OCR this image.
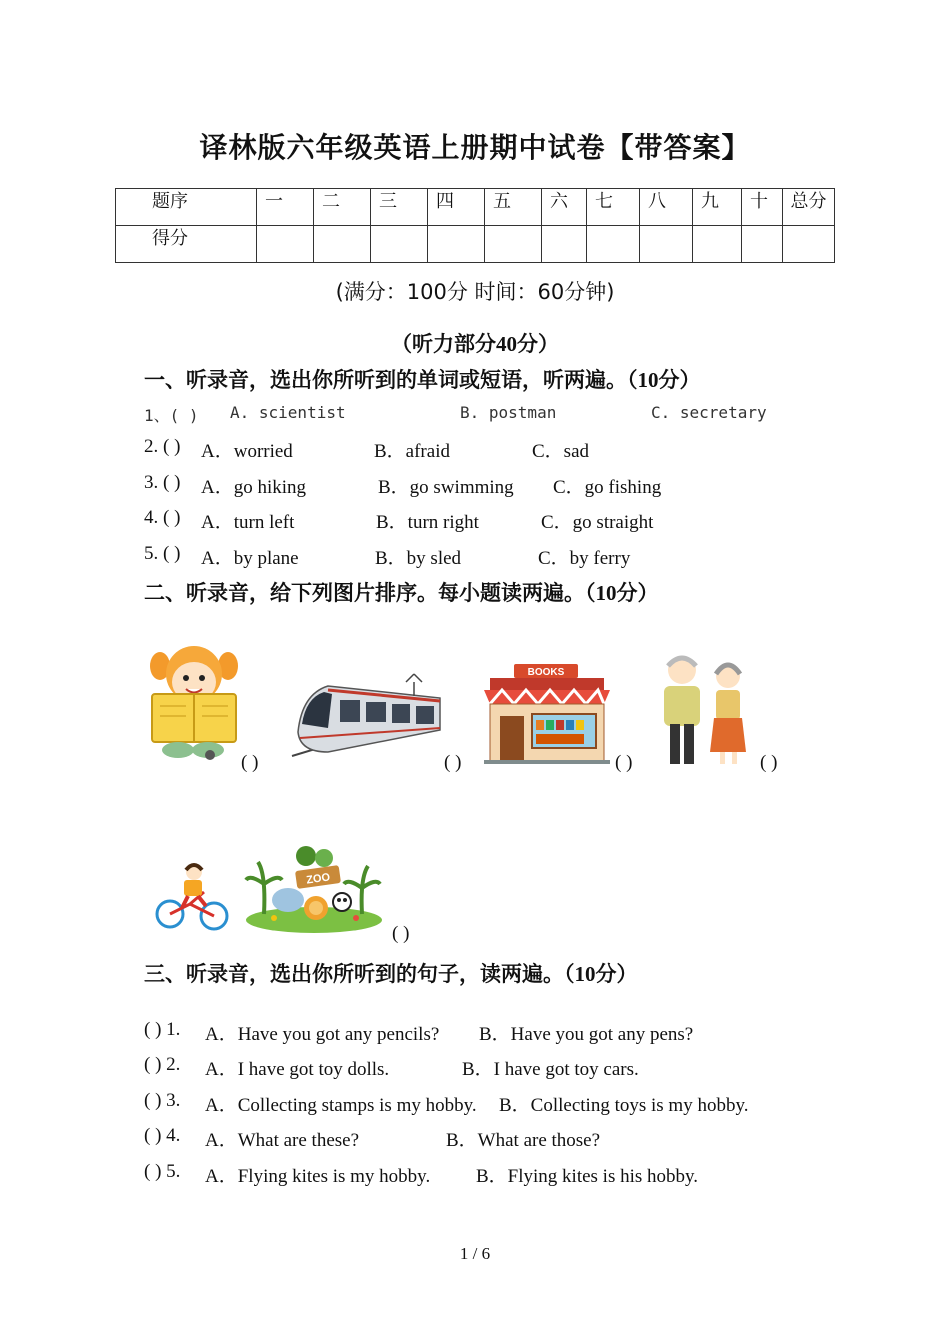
译林版六年级英语上册期中试卷【带答案】
题序	一	二	三	四	五	六	七	八	九	十	总分
得分											
(满分：100分 时间：60分钟)
（听力部分40分）
一、听录音，选出你所听到的单词或短语，听两遍。（10分）
1、( ) A. scientist	B. postman	C. secretary
2. ( ) A．worried	B．afraid	C．sad
3. ( ) A．go hiking	B．go swimming C．go fishing
4. ( ) A．turn left	B．turn right	C．go straight
5. ( ) A．by plane	B．by sled	C．by ferry
二、听录音，给下列图片排序。每小题读两遍。（10分）
BOOKS
( )	( )	( )	( )
ZOO
( )
三、听录音，选出你所听到的句子，读两遍。（10分）
( ) 1. A．Have you got any pencils? B．Have you got any pens?
( ) 2. A．I have got toy dolls.	B．I have got toy cars.
( ) 3. A．Collecting stamps is my hobby. B．Collecting toys is my hobby.
( ) 4. A．What are these?	B．What are those?
( ) 5. A．Flying kites is my hobby. B．Flying kites is his hobby.
1 / 6
